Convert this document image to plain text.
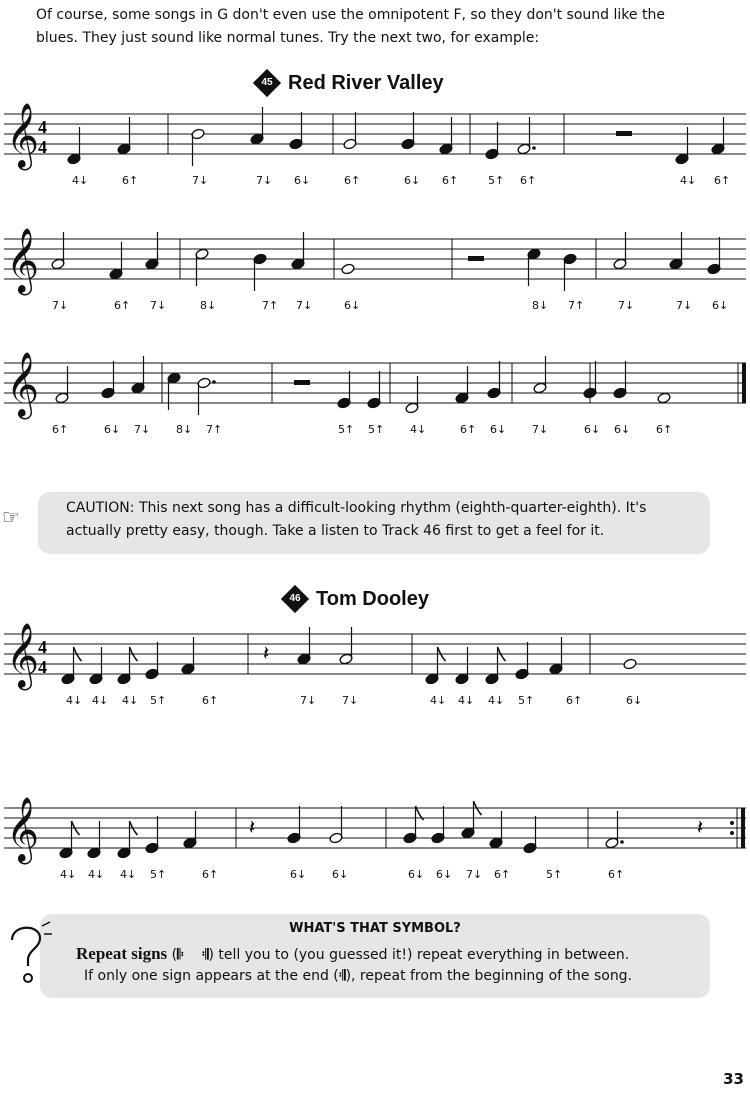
Of course, some songs in G don't even use the omnipotent F, so they don't sound like the
blues. They just sound like normal tunes. Try the next two, for example:
45 Red River Valley
𝄞
4
4
4↓	6↑	7↓	7↓ 6↓	6↑	6↓ 6↑	5↑ 6↑	4↓ 6↑
𝄞
7↓	6↑ 7↓	8↓	7↑ 7↓	6↓	8↓ 7↑	7↓	7↓ 6↓
𝄞
6↑	6↓ 7↓ 8↓ 7↑	5↑ 5↑ 4↓	6↑ 6↓ 7↓	6↓ 6↓ 6↑
☞	CAUTION: This next song has a difficult-looking rhythm (eighth-quarter-eighth). It's
actually pretty easy, though. Take a listen to Track 46 first to get a feel for it.
46 Tom Dooley
𝄞
4
4
𝄽
4↓ 4↓ 4↓ 5↑	6↑	7↓ 7↓	4↓ 4↓ 4↓ 5↑	6↑	6↓
𝄞	𝄽	𝄽
4↓ 4↓ 4↓ 5↑	6↑	6↓ 6↓	6↓ 6↓ 7↓ 6↑	5↑	6↑
WHAT'S THAT SYMBOL?
Repeat signs (𝄆 𝄇) tell you to (you guessed it!) repeat everything in between.
If only one sign appears at the end (𝄇), repeat from the beginning of the song.
33
